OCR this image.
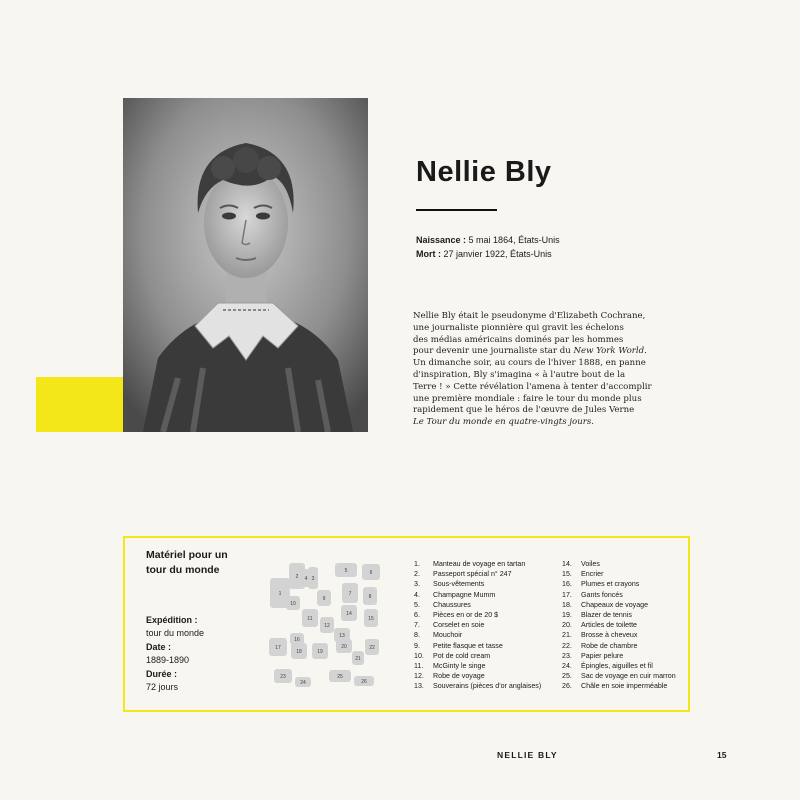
Nellie Bly
Naissance : 5 mai 1864, États-Unis
Mort : 27 janvier 1922, États-Unis

Nellie Bly était le pseudonyme d'Elizabeth Cochrane,

une journaliste pionnière qui gravit les échelons

des médias américains dominés par les hommes

pour devenir une journaliste star du New York World.

Un dimanche soir, au cours de l'hiver 1888, en panne

d'inspiration, Bly s'imagina « à l'autre bout de la

Terre ! » Cette révélation l'amena à tenter d'accomplir

une première mondiale : faire le tour du monde plus

rapidement que le héros de l'œuvre de Jules Verne

Le Tour du monde en quatre-vingts jours.

Matériel pour un tour du monde
Expédition :
tour du monde
Date :
1889-1890
Durée :
72 jours
1
2	3
4
5	6
7	8
9
10
11
12
13
14
15
16
17
18	19
20
21
22
23
24
25
26
1.	Manteau de voyage en tartan
2.	Passeport spécial n° 247
3.	Sous-vêtements
4.	Champagne Mumm
5.	Chaussures
6.	Pièces en or de 20 $
7.	Corselet en soie
8.	Mouchoir
9.	Petite flasque et tasse
10.	Pot de cold cream
11.	McGinty le singe
12.	Robe de voyage
13.	Souverains (pièces d'or anglaises)
14.	Voiles
15.	Encrier
16.	Plumes et crayons
17.	Gants foncés
18.	Chapeaux de voyage
19.	Blazer de tennis
20.	Articles de toilette
21.	Brosse à cheveux
22.	Robe de chambre
23.	Papier pelure
24.	Épingles, aiguilles et fil
25.	Sac de voyage en cuir marron
26.	Châle en soie imperméable
NELLIE BLY	15
